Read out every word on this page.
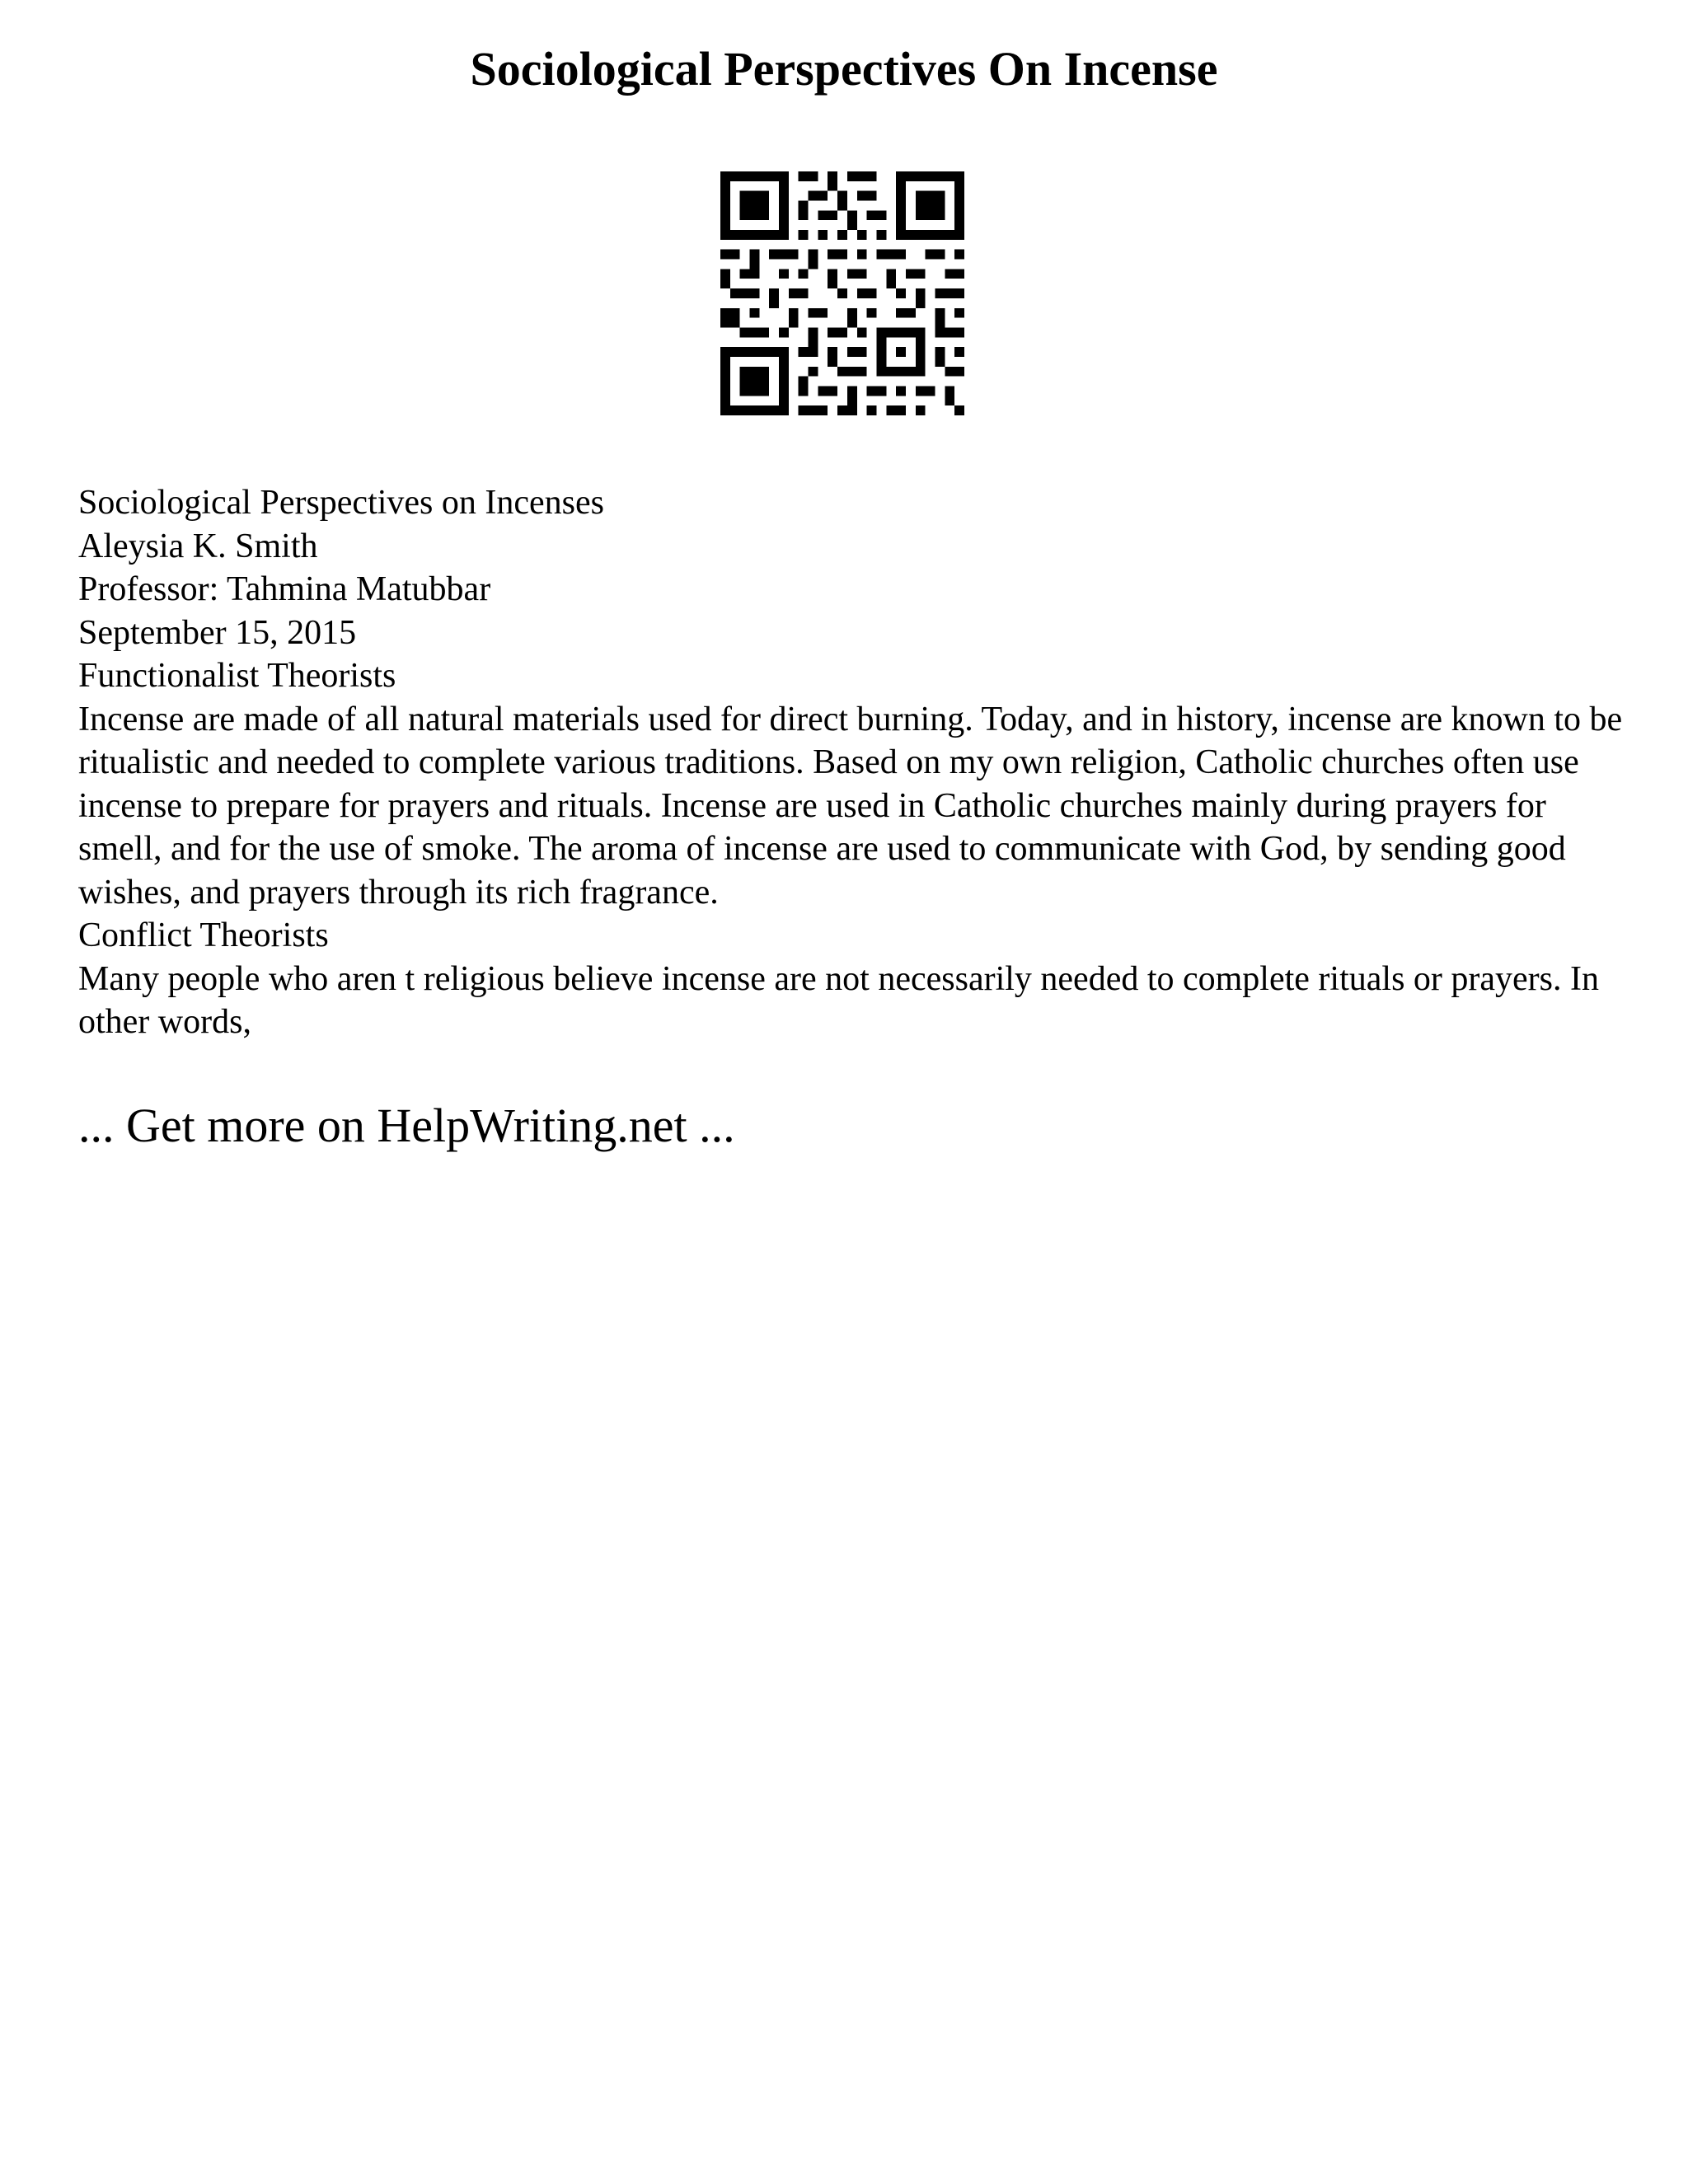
Sociological Perspectives On Incense
Sociological Perspectives on Incenses
Aleysia K. Smith
Professor: Tahmina Matubbar
September 15, 2015
Functionalist Theorists

Incense are made of all natural materials used for direct burning. Today, and in history, incense are known to be ritualistic and needed to complete various traditions. Based on my own religion, Catholic churches often use incense to prepare for prayers and rituals. Incense are used in Catholic churches mainly during prayers for smell, and for the use of smoke. The aroma of incense are used to communicate with God, by sending good wishes, and prayers through its rich fragrance.

Conflict Theorists

Many people who aren t religious believe incense are not necessarily needed to complete rituals or prayers. In other words,

... Get more on HelpWriting.net ...
